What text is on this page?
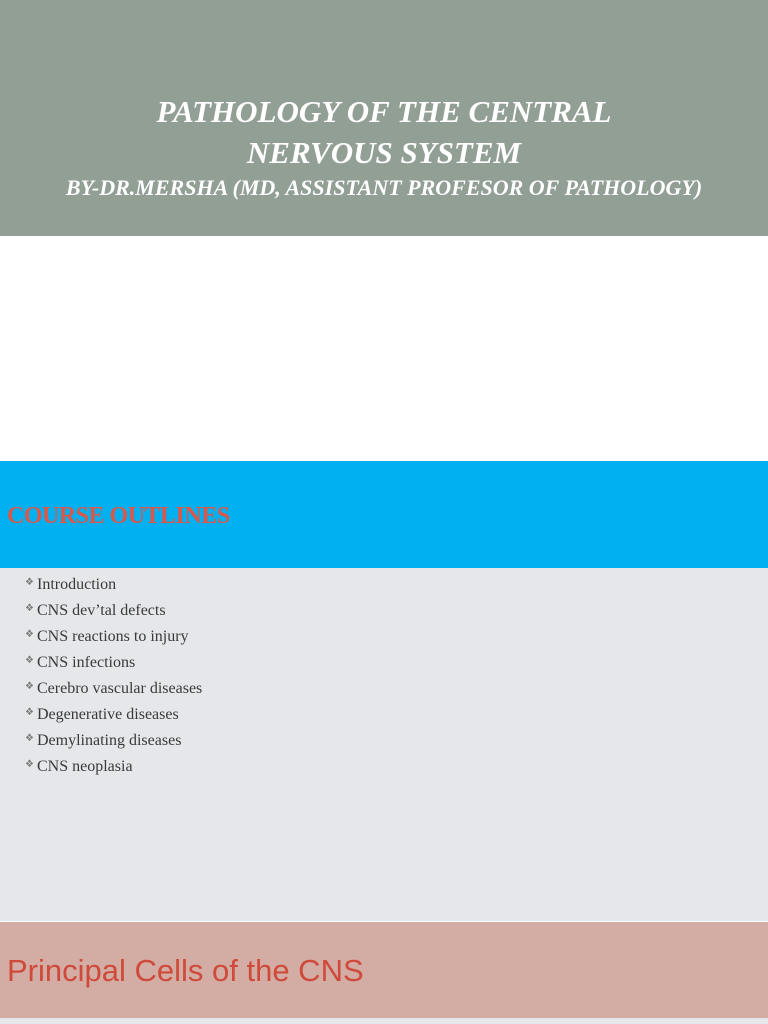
PATHOLOGY OF THE CENTRAL
NERVOUS SYSTEM
BY-DR.MERSHA (MD, ASSISTANT PROFESOR OF PATHOLOGY)
COURSE OUTLINES
❖ Introduction
❖ CNS dev’tal defects
❖ CNS reactions to injury
❖ CNS infections
❖ Cerebro vascular diseases
❖ Degenerative diseases
❖ Demylinating diseases
❖ CNS neoplasia
Principal Cells of the CNS
